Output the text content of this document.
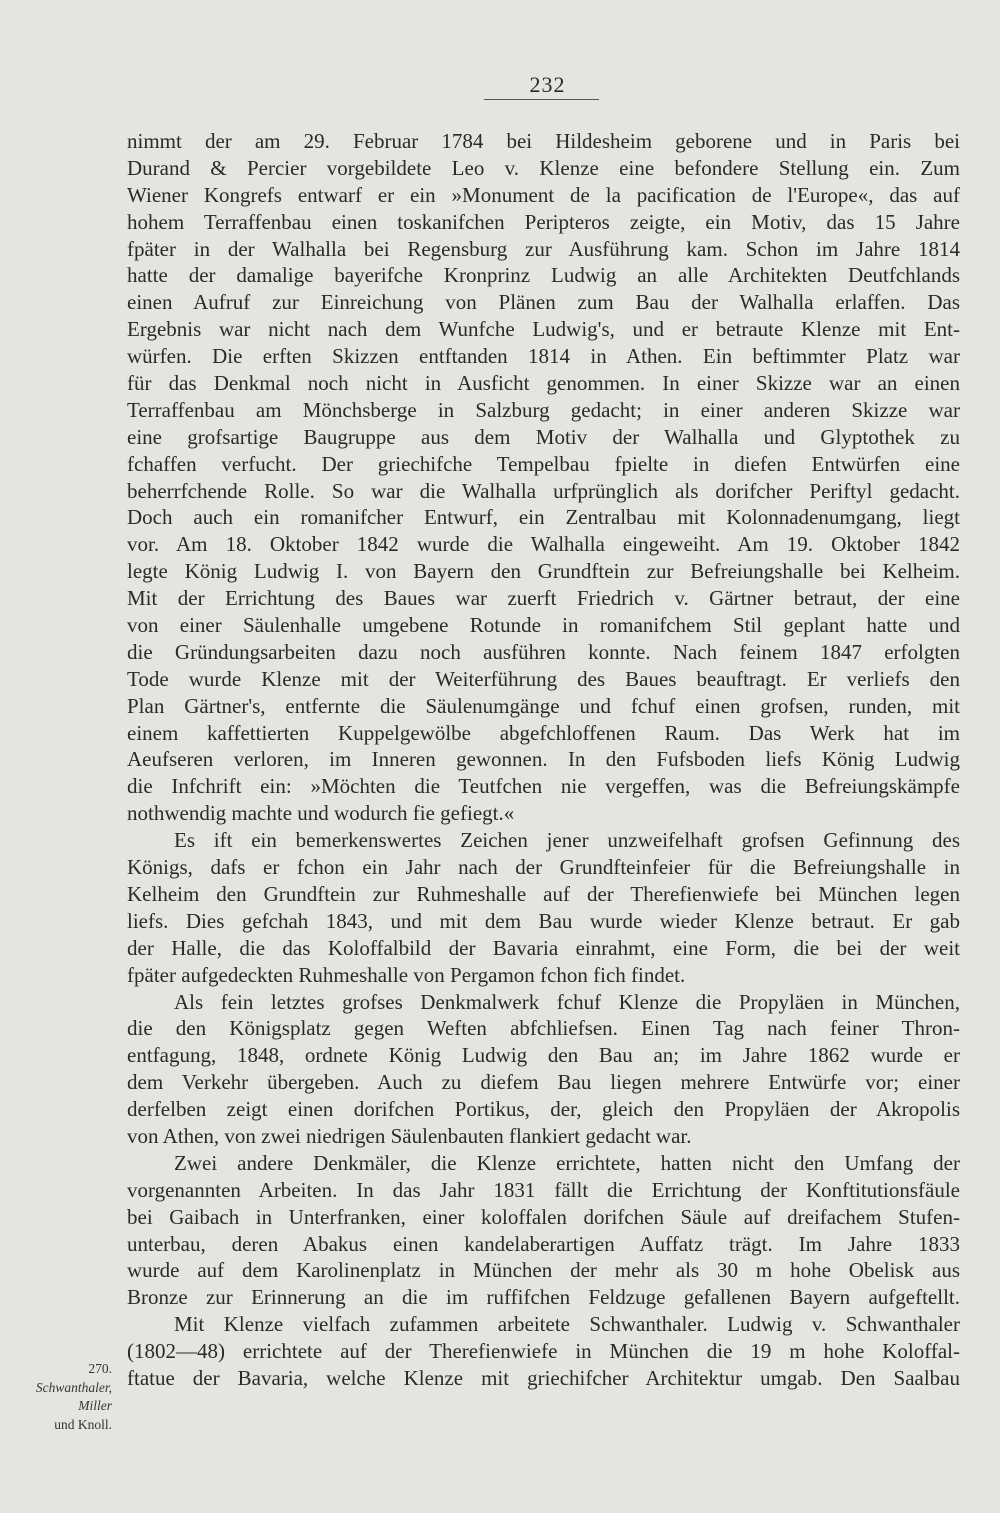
232
nimmt der am 29. Februar 1784 bei Hildesheim geborene und in Paris bei
Durand & Percier vorgebildete Leo v. Klenze eine befondere Stellung ein. Zum
Wiener Kongrefs entwarf er ein »Monument de la pacification de l'Europe«, das auf
hohem Terraffenbau einen toskanifchen Peripteros zeigte, ein Motiv, das 15 Jahre
fpäter in der Walhalla bei Regensburg zur Ausführung kam. Schon im Jahre 1814
hatte der damalige bayerifche Kronprinz Ludwig an alle Architekten Deutfchlands
einen Aufruf zur Einreichung von Plänen zum Bau der Walhalla erlaffen. Das
Ergebnis war nicht nach dem Wunfche Ludwig's, und er betraute Klenze mit Ent-
würfen. Die erften Skizzen entftanden 1814 in Athen. Ein beftimmter Platz war
für das Denkmal noch nicht in Ausficht genommen. In einer Skizze war an einen
Terraffenbau am Mönchsberge in Salzburg gedacht; in einer anderen Skizze war
eine grofsartige Baugruppe aus dem Motiv der Walhalla und Glyptothek zu
fchaffen verfucht. Der griechifche Tempelbau fpielte in diefen Entwürfen eine
beherrfchende Rolle. So war die Walhalla urfprünglich als dorifcher Periftyl gedacht.
Doch auch ein romanifcher Entwurf, ein Zentralbau mit Kolonnadenumgang, liegt
vor. Am 18. Oktober 1842 wurde die Walhalla eingeweiht. Am 19. Oktober 1842
legte König Ludwig I. von Bayern den Grundftein zur Befreiungshalle bei Kelheim.
Mit der Errichtung des Baues war zuerft Friedrich v. Gärtner betraut, der eine
von einer Säulenhalle umgebene Rotunde in romanifchem Stil geplant hatte und
die Gründungsarbeiten dazu noch ausführen konnte. Nach feinem 1847 erfolgten
Tode wurde Klenze mit der Weiterführung des Baues beauftragt. Er verliefs den
Plan Gärtner's, entfernte die Säulenumgänge und fchuf einen grofsen, runden, mit
einem kaffettierten Kuppelgewölbe abgefchloffenen Raum. Das Werk hat im
Aeufseren verloren, im Inneren gewonnen. In den Fufsboden liefs König Ludwig
die Infchrift ein: »Möchten die Teutfchen nie vergeffen, was die Befreiungskämpfe
nothwendig machte und wodurch fie gefiegt.«
Es ift ein bemerkenswertes Zeichen jener unzweifelhaft grofsen Gefinnung des
Königs, dafs er fchon ein Jahr nach der Grundfteinfeier für die Befreiungshalle in
Kelheim den Grundftein zur Ruhmeshalle auf der Therefienwiefe bei München legen
liefs. Dies gefchah 1843, und mit dem Bau wurde wieder Klenze betraut. Er gab
der Halle, die das Koloffalbild der Bavaria einrahmt, eine Form, die bei der weit
fpäter aufgedeckten Ruhmeshalle von Pergamon fchon fich findet.
Als fein letztes grofses Denkmalwerk fchuf Klenze die Propyläen in München,
die den Königsplatz gegen Weften abfchliefsen. Einen Tag nach feiner Thron-
entfagung, 1848, ordnete König Ludwig den Bau an; im Jahre 1862 wurde er
dem Verkehr übergeben. Auch zu diefem Bau liegen mehrere Entwürfe vor; einer
derfelben zeigt einen dorifchen Portikus, der, gleich den Propyläen der Akropolis
von Athen, von zwei niedrigen Säulenbauten flankiert gedacht war.
Zwei andere Denkmäler, die Klenze errichtete, hatten nicht den Umfang der
vorgenannten Arbeiten. In das Jahr 1831 fällt die Errichtung der Konftitutionsfäule
bei Gaibach in Unterfranken, einer koloffalen dorifchen Säule auf dreifachem Stufen-
unterbau, deren Abakus einen kandelaberartigen Auffatz trägt. Im Jahre 1833
wurde auf dem Karolinenplatz in München der mehr als 30 m hohe Obelisk aus
Bronze zur Erinnerung an die im ruffifchen Feldzuge gefallenen Bayern aufgeftellt.
Mit Klenze vielfach zufammen arbeitete Schwanthaler. Ludwig v. Schwanthaler
(1802—48) errichtete auf der Therefienwiefe in München die 19 m hohe Koloffal-
ftatue der Bavaria, welche Klenze mit griechifcher Architektur umgab. Den Saalbau
270.
Schwanthaler,
Miller
und Knoll.
